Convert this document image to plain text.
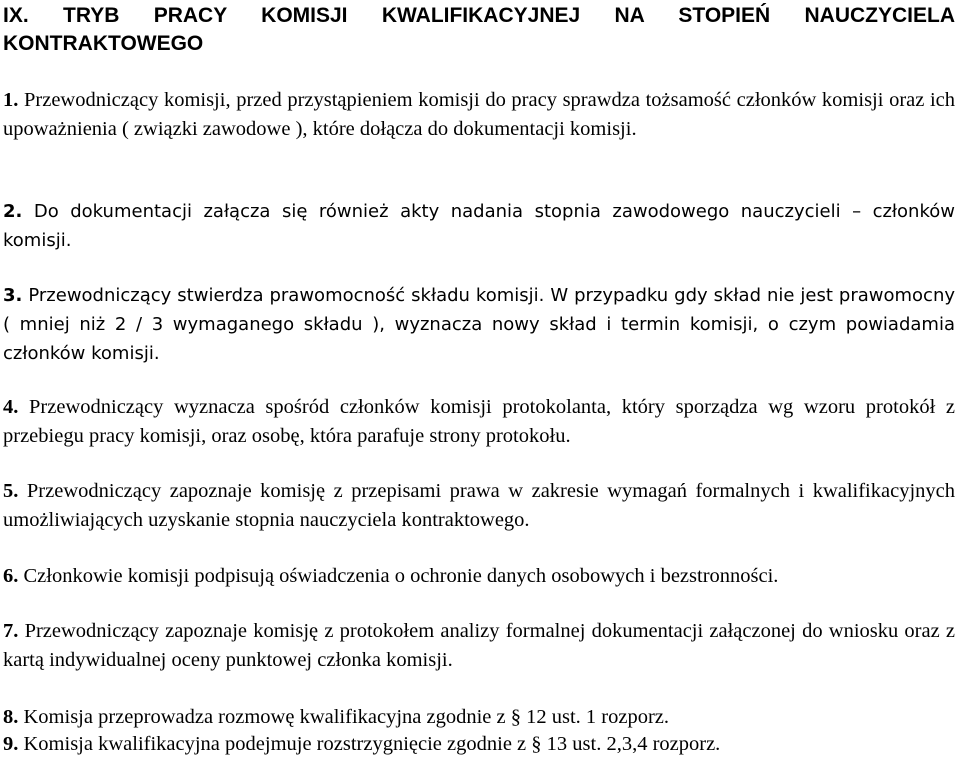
IX. TRYB PRACY KOMISJI KWALIFIKACYJNEJ NA STOPIEŃ NAUCZYCIELA KONTRAKTOWEGO

1. Przewodniczący komisji, przed przystąpieniem komisji do pracy sprawdza tożsamość członków komisji oraz ich upoważnienia ( związki zawodowe ), które dołącza do dokumentacji komisji.

2. Do dokumentacji załącza się również akty nadania stopnia zawodowego nauczycieli – członków komisji.

3. Przewodniczący stwierdza prawomocność składu komisji. W przypadku gdy skład nie jest prawomocny ( mniej niż 2 / 3 wymaganego składu ), wyznacza nowy skład i termin komisji, o czym powiadamia członków komisji.

4. Przewodniczący wyznacza spośród członków komisji protokolanta, który sporządza wg wzoru protokół z przebiegu pracy komisji, oraz osobę, która parafuje strony protokołu.

5. Przewodniczący zapoznaje komisję z przepisami prawa w zakresie wymagań formalnych i kwalifikacyjnych umożliwiających uzyskanie stopnia nauczyciela kontraktowego.

6. Członkowie komisji podpisują oświadczenia o ochronie danych osobowych i bezstronności.

7. Przewodniczący zapoznaje komisję z protokołem analizy formalnej dokumentacji załączonej do wniosku oraz z kartą indywidualnej oceny punktowej członka komisji.

8. Komisja przeprowadza rozmowę kwalifikacyjna zgodnie z § 12 ust. 1 rozporz.

9. Komisja kwalifikacyjna podejmuje rozstrzygnięcie zgodnie z § 13 ust. 2,3,4 rozporz.
